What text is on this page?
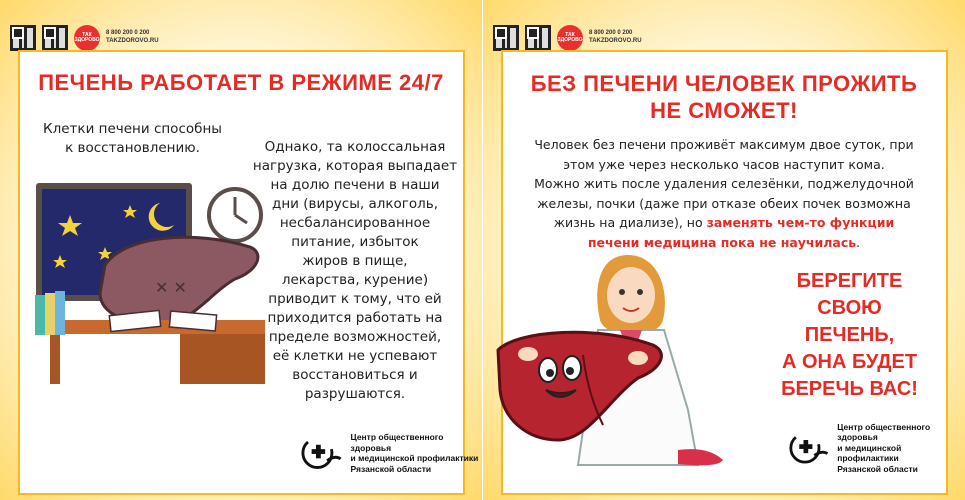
ТАК ЗДОРОВО
8 800 200 0 200
TAKZDOROVO.RU
ПЕЧЕНЬ РАБОТАЕТ В РЕЖИМЕ 24/7
Клетки печени способны
к восстановлению.	Однако, та колоссальная
нагрузка, которая выпадает
на долю печени в наши
дни (вирусы, алкоголь,
несбалансированное
питание, избыток
жиров в пище,
лекарства, курение)
приводит к тому, что ей
приходится работать на
пределе возможностей,
её клетки не успевают
восстановиться и
разрушаются.
✕ ✕
Центр общественного здоровья
и медицинской профилактики
Рязанской области
ТАК ЗДОРОВО
8 800 200 0 200
TAKZDOROVO.RU
БЕЗ ПЕЧЕНИ ЧЕЛОВЕК ПРОЖИТЬ
НЕ СМОЖЕТ!
Человек без печени проживёт максимум двое суток, при
этом уже через несколько часов наступит кома.
Можно жить после удаления селезёнки, поджелудочной
железы, почки (даже при отказе обеих почек возможна
жизнь на диализе), но заменять чем-то функции
печени медицина пока не научилась.
БЕРЕГИТЕ СВОЮ
ПЕЧЕНЬ,
А ОНА БУДЕТ
БЕРЕЧЬ ВАС!
Центр общественного здоровья
и медицинской профилактики
Рязанской области
